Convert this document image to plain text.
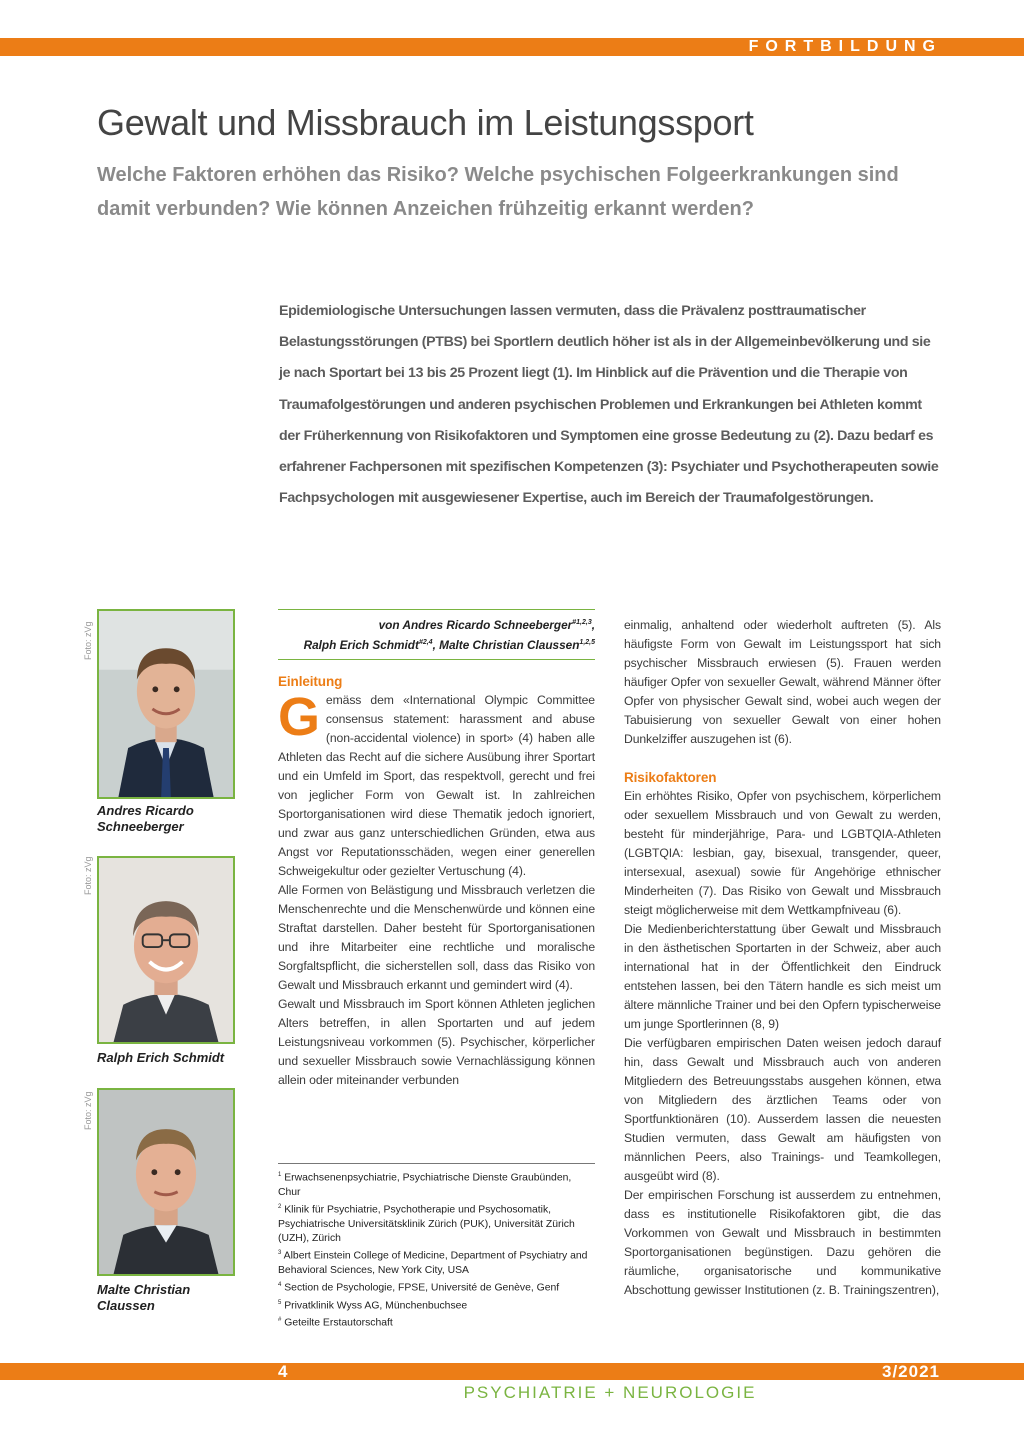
FORTBILDUNG
Gewalt und Missbrauch im Leistungssport

Welche Faktoren erhöhen das Risiko? Welche psychischen Folgeerkrankungen sind damit verbunden? Wie können Anzeichen frühzeitig erkannt werden?

Epidemiologische Untersuchungen lassen vermuten, dass die Prävalenz posttraumatischer Belastungsstörungen (PTBS) bei Sportlern deutlich höher ist als in der Allgemeinbevölkerung und sie je nach Sportart bei 13 bis 25 Prozent liegt (1). Im Hinblick auf die Prävention und die Therapie von Traumafolgestörungen und anderen psychischen Problemen und Erkrankungen bei Athleten kommt der Früherkennung von Risikofaktoren und Symptomen eine grosse Bedeutung zu (2). Dazu bedarf es erfahrener Fachpersonen mit spezifischen Kompetenzen (3): Psychiater und Psychotherapeuten sowie Fachpsychologen mit ausgewiesener Expertise, auch im Bereich der Traumafolgestörungen.

Foto: zVg
Andres Ricardo Schneeberger
Foto: zVg
Ralph Erich Schmidt
Foto: zVg
Malte Christian Claussen
von Andres Ricardo Schneeberger$^{\#1,2,3}$,
Ralph Erich Schmidt$^{\#2,4}$, Malte Christian Claussen$^{1,2,5}$
Einleitung

Gemäss dem «International Olympic Committee consensus statement: harassment and abuse (non-accidental violence) in sport» (4) haben alle Athleten das Recht auf die sichere Ausübung ihrer Sportart und ein Umfeld im Sport, das respektvoll, gerecht und frei von jeglicher Form von Gewalt ist. In zahlreichen Sportorganisationen wird diese Thematik jedoch ignoriert, und zwar aus ganz unterschiedlichen Gründen, etwa aus Angst vor Reputationsschäden, wegen einer generellen Schweigekultur oder gezielter Vertuschung (4).

Alle Formen von Belästigung und Missbrauch verletzen die Menschenrechte und die Menschenwürde und können eine Straftat darstellen. Daher besteht für Sportorganisationen und ihre Mitarbeiter eine rechtliche und moralische Sorgfaltspflicht, die sicherstellen soll, dass das Risiko von Gewalt und Missbrauch erkannt und gemindert wird (4).

Gewalt und Missbrauch im Sport können Athleten jeglichen Alters betreffen, in allen Sportarten und auf jedem Leistungsniveau vorkommen (5). Psychischer, körperlicher und sexueller Missbrauch sowie Vernachlässigung können allein oder miteinander verbunden

einmalig, anhaltend oder wiederholt auftreten (5). Als häufigste Form von Gewalt im Leistungssport hat sich psychischer Missbrauch erwiesen (5). Frauen werden häufiger Opfer von sexueller Gewalt, während Männer öfter Opfer von physischer Gewalt sind, wobei auch wegen der Tabuisierung von sexueller Gewalt von einer hohen Dunkelziffer auszugehen ist (6).

Risikofaktoren

Ein erhöhtes Risiko, Opfer von psychischem, körperlichem oder sexuellem Missbrauch und von Gewalt zu werden, besteht für minderjährige, Para- und LGBTQIA-Athleten (LGBTQIA: lesbian, gay, bisexual, transgender, queer, intersexual, asexual) sowie für Angehörige ethnischer Minderheiten (7). Das Risiko von Gewalt und Missbrauch steigt möglicherweise mit dem Wettkampfniveau (6).

Die Medienberichterstattung über Gewalt und Missbrauch in den ästhetischen Sportarten in der Schweiz, aber auch international hat in der Öffentlichkeit den Eindruck entstehen lassen, bei den Tätern handle es sich meist um ältere männliche Trainer und bei den Opfern typischerweise um junge Sportlerinnen (8, 9)

Die verfügbaren empirischen Daten weisen jedoch darauf hin, dass Gewalt und Missbrauch auch von anderen Mitgliedern des Betreuungsstabs ausgehen können, etwa von Mitgliedern des ärztlichen Teams oder von Sportfunktionären (10). Ausserdem lassen die neuesten Studien vermuten, dass Gewalt am häufigsten von männlichen Peers, also Trainings- und Teamkollegen, ausgeübt wird (8).

Der empirischen Forschung ist ausserdem zu entnehmen, dass es institutionelle Risikofaktoren gibt, die das Vorkommen von Gewalt und Missbrauch in bestimmten Sportorganisationen begünstigen. Dazu gehören die räumliche, organisatorische und kommunikative Abschottung gewisser Institutionen (z. B. Trainingszentren),

$^1$ Erwachsenenpsychiatrie, Psychiatrische Dienste Graubünden, Chur
$^2$ Klinik für Psychiatrie, Psychotherapie und Psychosomatik, Psychiatrische Universitätsklinik Zürich (PUK), Universität Zürich (UZH), Zürich
$^3$ Albert Einstein College of Medicine, Department of Psychiatry and Behavioral Sciences, New York City, USA
$^4$ Section de Psychologie, FPSE, Université de Genève, Genf
$^5$ Privatklinik Wyss AG, Münchenbuchsee
# Geteilte Erstautorschaft
4	3/2021
PSYCHIATRIE + NEUROLOGIE
